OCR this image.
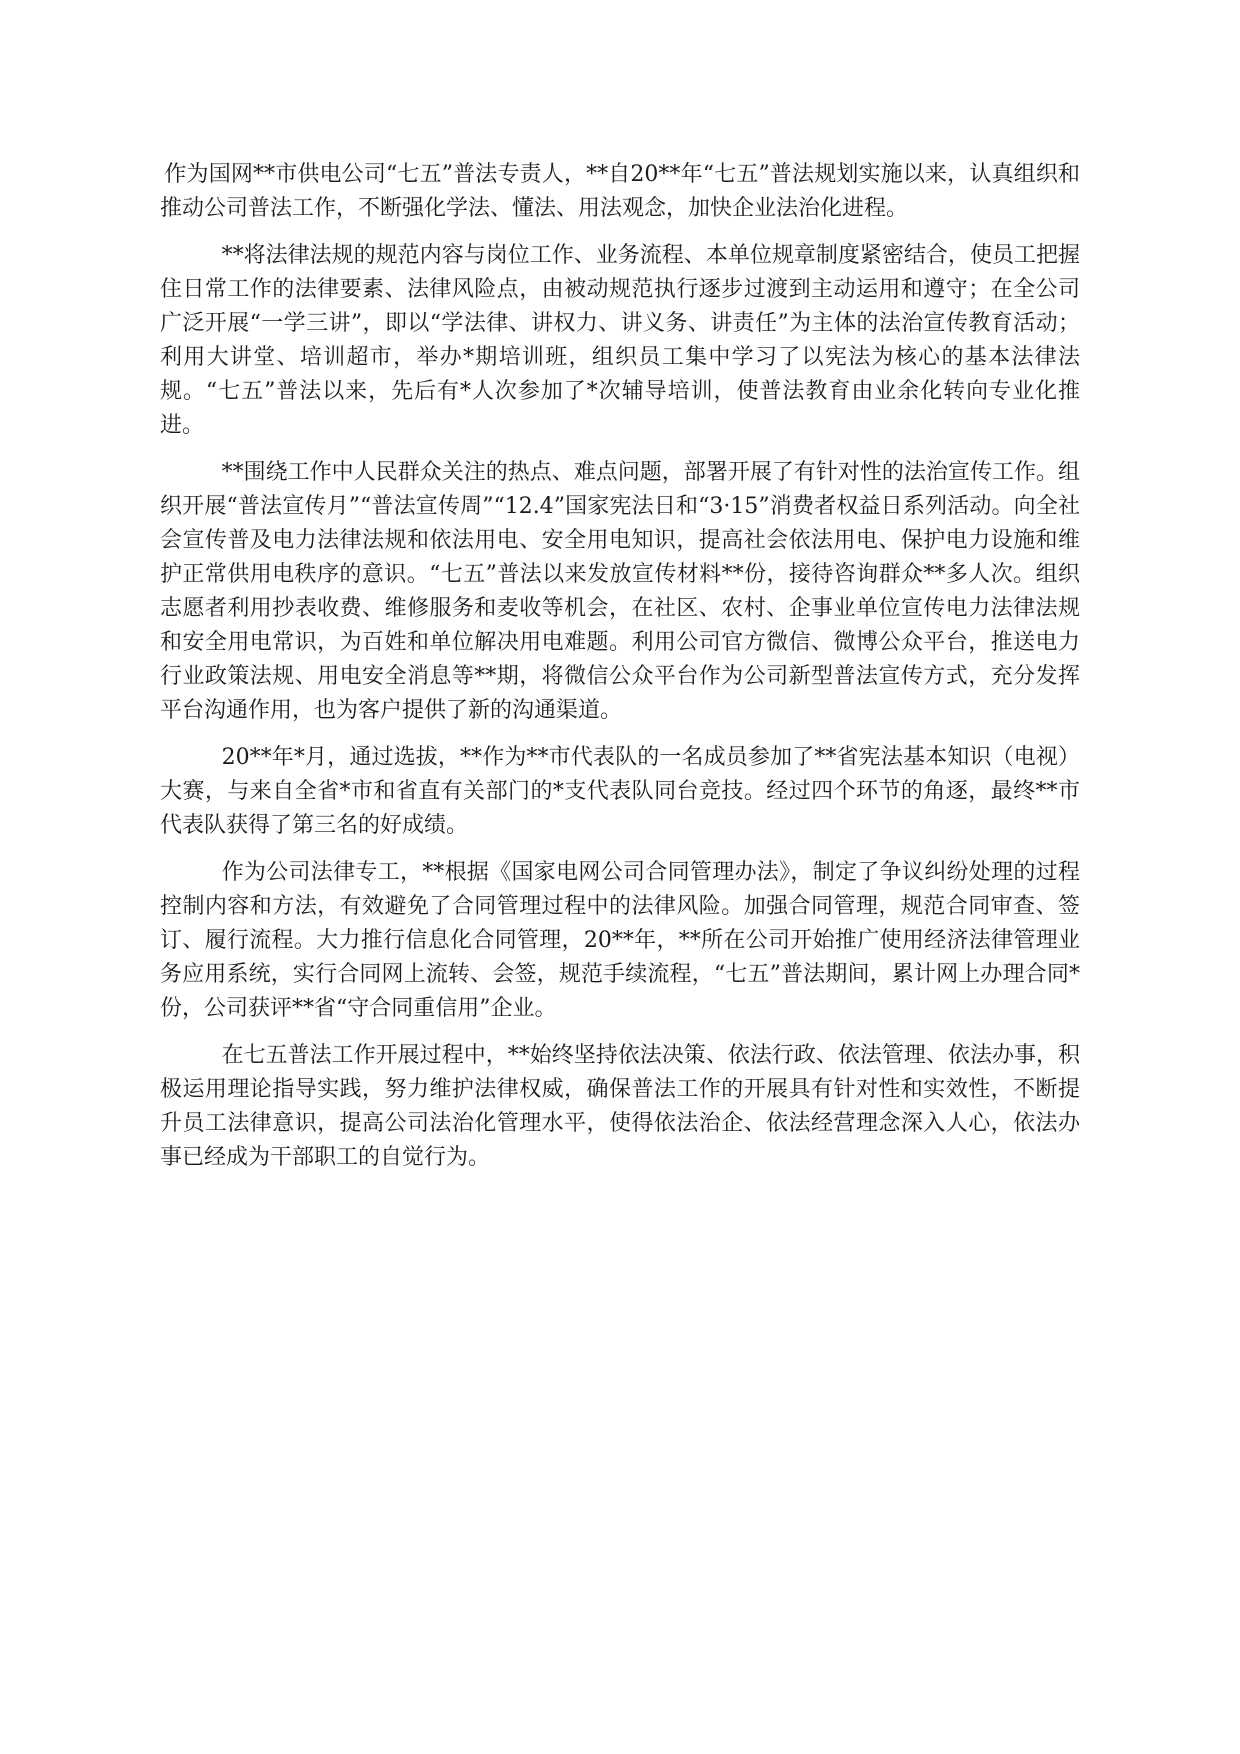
作为国网**市供电公司“七五”普法专责人，**自20**年“七五”普法规划实施以来，认真组织和推动公司普法工作，不断强化学法、懂法、用法观念，加快企业法治化进程。

**将法律法规的规范内容与岗位工作、业务流程、本单位规章制度紧密结合，使员工把握住日常工作的法律要素、法律风险点，由被动规范执行逐步过渡到主动运用和遵守；在全公司广泛开展“一学三讲”，即以“学法律、讲权力、讲义务、讲责任”为主体的法治宣传教育活动；利用大讲堂、培训超市，举办*期培训班，组织员工集中学习了以宪法为核心的基本法律法规。“七五”普法以来，先后有*人次参加了*次辅导培训，使普法教育由业余化转向专业化推进。

**围绕工作中人民群众关注的热点、难点问题，部署开展了有针对性的法治宣传工作。组织开展“普法宣传月”“普法宣传周”“12.4”国家宪法日和“3·15”消费者权益日系列活动。向全社会宣传普及电力法律法规和依法用电、安全用电知识，提高社会依法用电、保护电力设施和维护正常供用电秩序的意识。“七五”普法以来发放宣传材料**份，接待咨询群众**多人次。组织志愿者利用抄表收费、维修服务和麦收等机会，在社区、农村、企事业单位宣传电力法律法规和安全用电常识，为百姓和单位解决用电难题。利用公司官方微信、微博公众平台，推送电力行业政策法规、用电安全消息等**期，将微信公众平台作为公司新型普法宣传方式，充分发挥平台沟通作用，也为客户提供了新的沟通渠道。

20**年*月，通过选拔，**作为**市代表队的一名成员参加了**省宪法基本知识（电视）大赛，与来自全省*市和省直有关部门的*支代表队同台竞技。经过四个环节的角逐，最终**市代表队获得了第三名的好成绩。

作为公司法律专工，**根据《国家电网公司合同管理办法》，制定了争议纠纷处理的过程控制内容和方法，有效避免了合同管理过程中的法律风险。加强合同管理，规范合同审查、签订、履行流程。大力推行信息化合同管理，20**年，**所在公司开始推广使用经济法律管理业务应用系统，实行合同网上流转、会签，规范手续流程，“七五”普法期间，累计网上办理合同*份，公司获评**省“守合同重信用”企业。

在七五普法工作开展过程中，**始终坚持依法决策、依法行政、依法管理、依法办事，积极运用理论指导实践，努力维护法律权威，确保普法工作的开展具有针对性和实效性，不断提升员工法律意识，提高公司法治化管理水平，使得依法治企、依法经营理念深入人心，依法办事已经成为干部职工的自觉行为。
